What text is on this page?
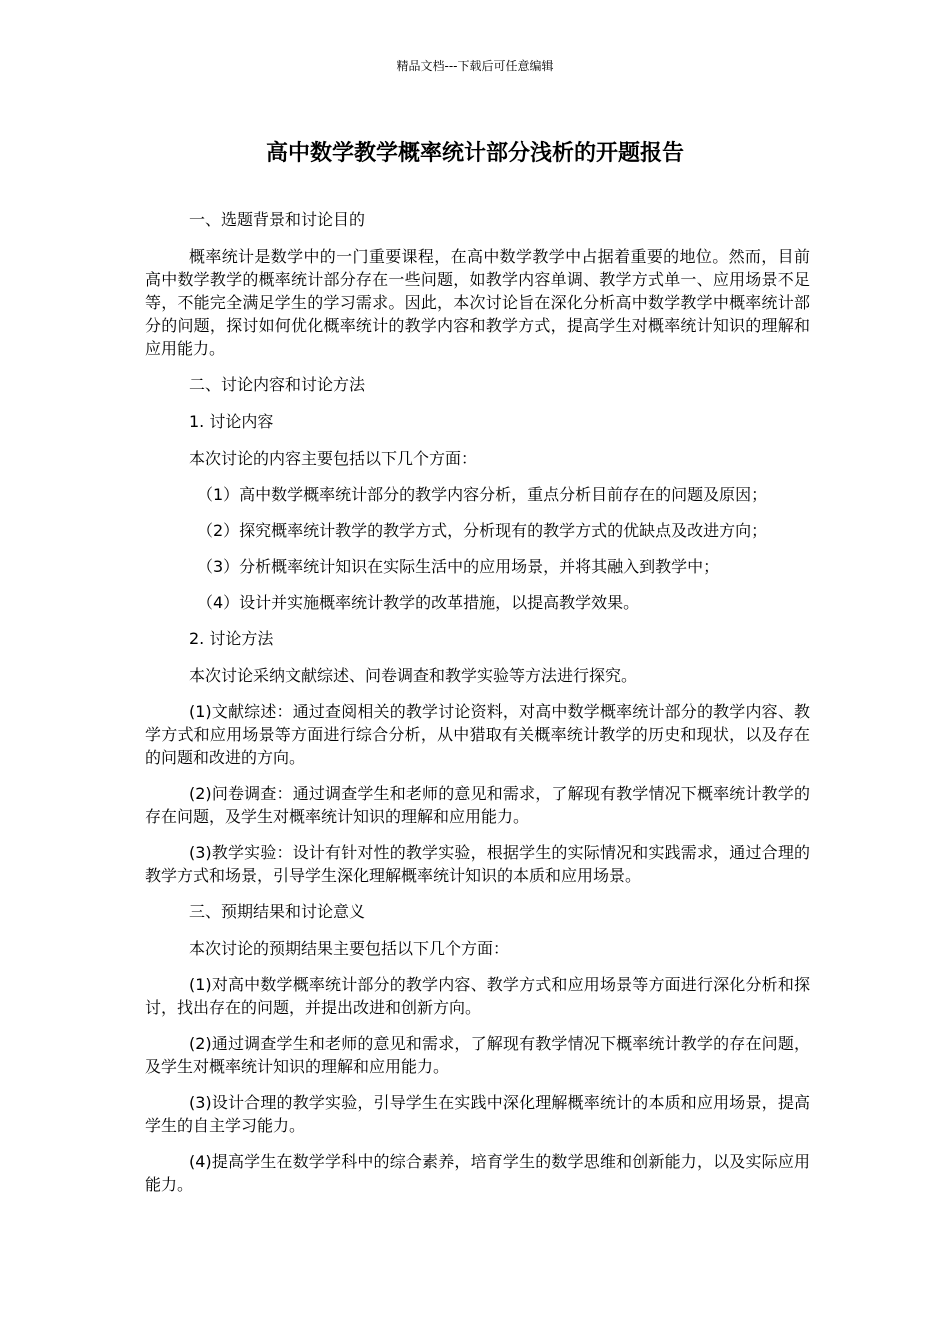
精品文档---下载后可任意编辑
高中数学教学概率统计部分浅析的开题报告

一、选题背景和讨论目的

概率统计是数学中的一门重要课程，在高中数学教学中占据着重要的地位。然而，目前高中数学教学的概率统计部分存在一些问题，如教学内容单调、教学方式单一、应用场景不足等，不能完全满足学生的学习需求。因此，本次讨论旨在深化分析高中数学教学中概率统计部分的问题，探讨如何优化概率统计的教学内容和教学方式，提高学生对概率统计知识的理解和应用能力。

二、讨论内容和讨论方法

1. 讨论内容

本次讨论的内容主要包括以下几个方面：

（1）高中数学概率统计部分的教学内容分析，重点分析目前存在的问题及原因；

（2）探究概率统计教学的教学方式，分析现有的教学方式的优缺点及改进方向；

（3）分析概率统计知识在实际生活中的应用场景，并将其融入到教学中；

（4）设计并实施概率统计教学的改革措施，以提高教学效果。

2. 讨论方法

本次讨论采纳文献综述、问卷调查和教学实验等方法进行探究。

(1)文献综述：通过查阅相关的教学讨论资料，对高中数学概率统计部分的教学内容、教学方式和应用场景等方面进行综合分析，从中猎取有关概率统计教学的历史和现状，以及存在的问题和改进的方向。

(2)问卷调查：通过调查学生和老师的意见和需求，了解现有教学情况下概率统计教学的存在问题，及学生对概率统计知识的理解和应用能力。

(3)教学实验：设计有针对性的教学实验，根据学生的实际情况和实践需求，通过合理的教学方式和场景，引导学生深化理解概率统计知识的本质和应用场景。

三、预期结果和讨论意义

本次讨论的预期结果主要包括以下几个方面：

(1)对高中数学概率统计部分的教学内容、教学方式和应用场景等方面进行深化分析和探讨，找出存在的问题，并提出改进和创新方向。

(2)通过调查学生和老师的意见和需求，了解现有教学情况下概率统计教学的存在问题，及学生对概率统计知识的理解和应用能力。

(3)设计合理的教学实验，引导学生在实践中深化理解概率统计的本质和应用场景，提高学生的自主学习能力。

(4)提高学生在数学学科中的综合素养，培育学生的数学思维和创新能力，以及实际应用能力。
